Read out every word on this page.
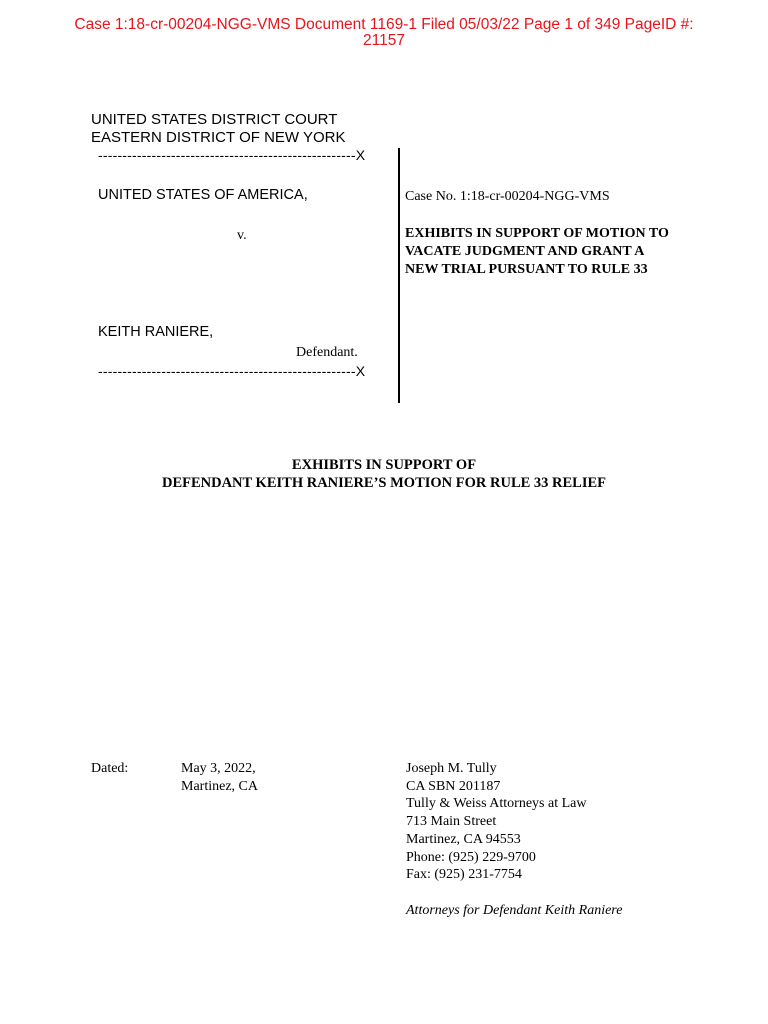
Case 1:18-cr-00204-NGG-VMS Document 1169-1 Filed 05/03/22 Page 1 of 349 PageID #:
21157
UNITED STATES DISTRICT COURT
EASTERN DISTRICT OF NEW YORK
-----------------------------------------------------X
UNITED STATES OF AMERICA,
v.
KEITH RANIERE,
Defendant.
-----------------------------------------------------X
Case No. 1:18-cr-00204-NGG-VMS
EXHIBITS IN SUPPORT OF MOTION TO
VACATE JUDGMENT AND GRANT A
NEW TRIAL PURSUANT TO RULE 33
EXHIBITS IN SUPPORT OF
DEFENDANT KEITH RANIERE’S MOTION FOR RULE 33 RELIEF
Dated:	May 3, 2022,
Martinez, CA
Joseph M. Tully
CA SBN 201187
Tully & Weiss Attorneys at Law
713 Main Street
Martinez, CA 94553
Phone: (925) 229-9700
Fax: (925) 231-7754
Attorneys for Defendant Keith Raniere
